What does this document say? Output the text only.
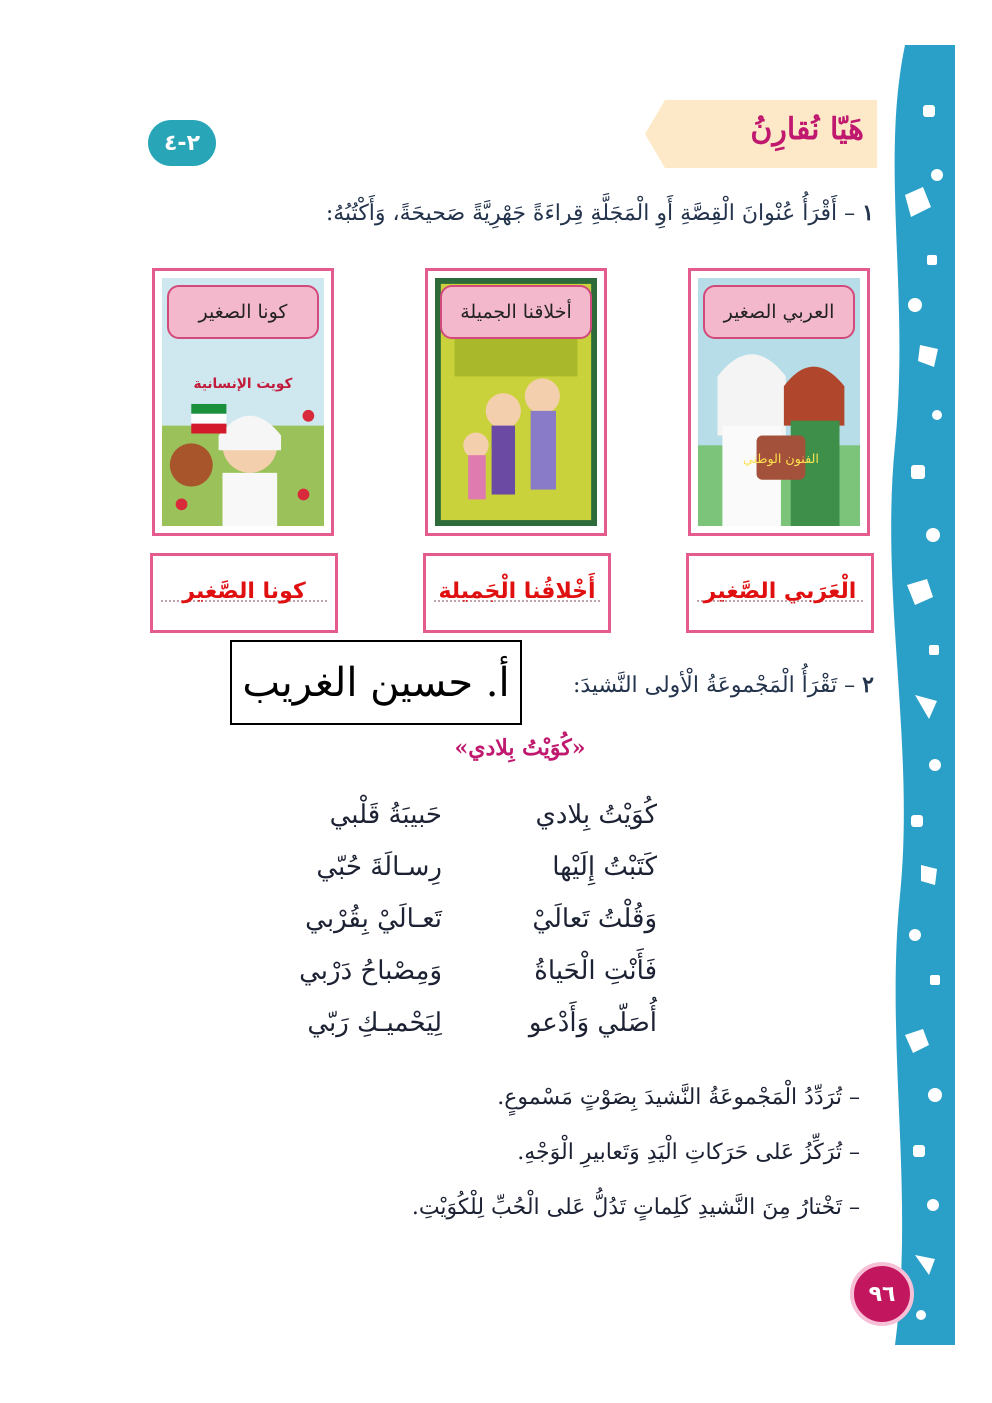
هَيّا نُقارِنُ
٢-٤
١ – أَقْرَأُ عُنْوانَ الْقِصَّةِ أَوِ الْمَجَلَّةِ قِراءَةً جَهْرِيَّةً صَحيحَةً، وَأَكْتُبُهُ:
الفنون الوطني
العربي الصغير
أخلاقنا الجميلة
كويت الإنسانية
كونا الصغير
الْعَرَبي الصَّغير
أَخْلاقُنا الْجَميلة
كونا الصَّغير
أ. حسين الغريب	٢ – تَقْرَأُ الْمَجْموعَةُ الْأولى النَّشيدَ:
«كُوَيْتُ بِلادي»
كُوَيْتُ بِلادي
حَبيبَةُ قَلْبي
كَتَبْتُ إِلَيْها
رِسـالَةَ حُبّي
وَقُلْتُ تَعالَيْ
تَعـالَيْ بِقُرْبي
فَأَنْتِ الْحَياةُ
وَمِصْباحُ دَرْبي
أُصَلّي وَأَدْعو
لِيَحْميـكِ رَبّي
– تُرَدِّدُ الْمَجْموعَةُ النَّشيدَ بِصَوْتٍ مَسْموعٍ.
– تُرَكِّزُ عَلى حَرَكاتِ الْيَدِ وَتَعابيرِ الْوَجْهِ.
– تَخْتارُ مِنَ النَّشيدِ كَلِماتٍ تَدُلُّ عَلى الْحُبِّ لِلْكُوَيْتِ.
٩٦
